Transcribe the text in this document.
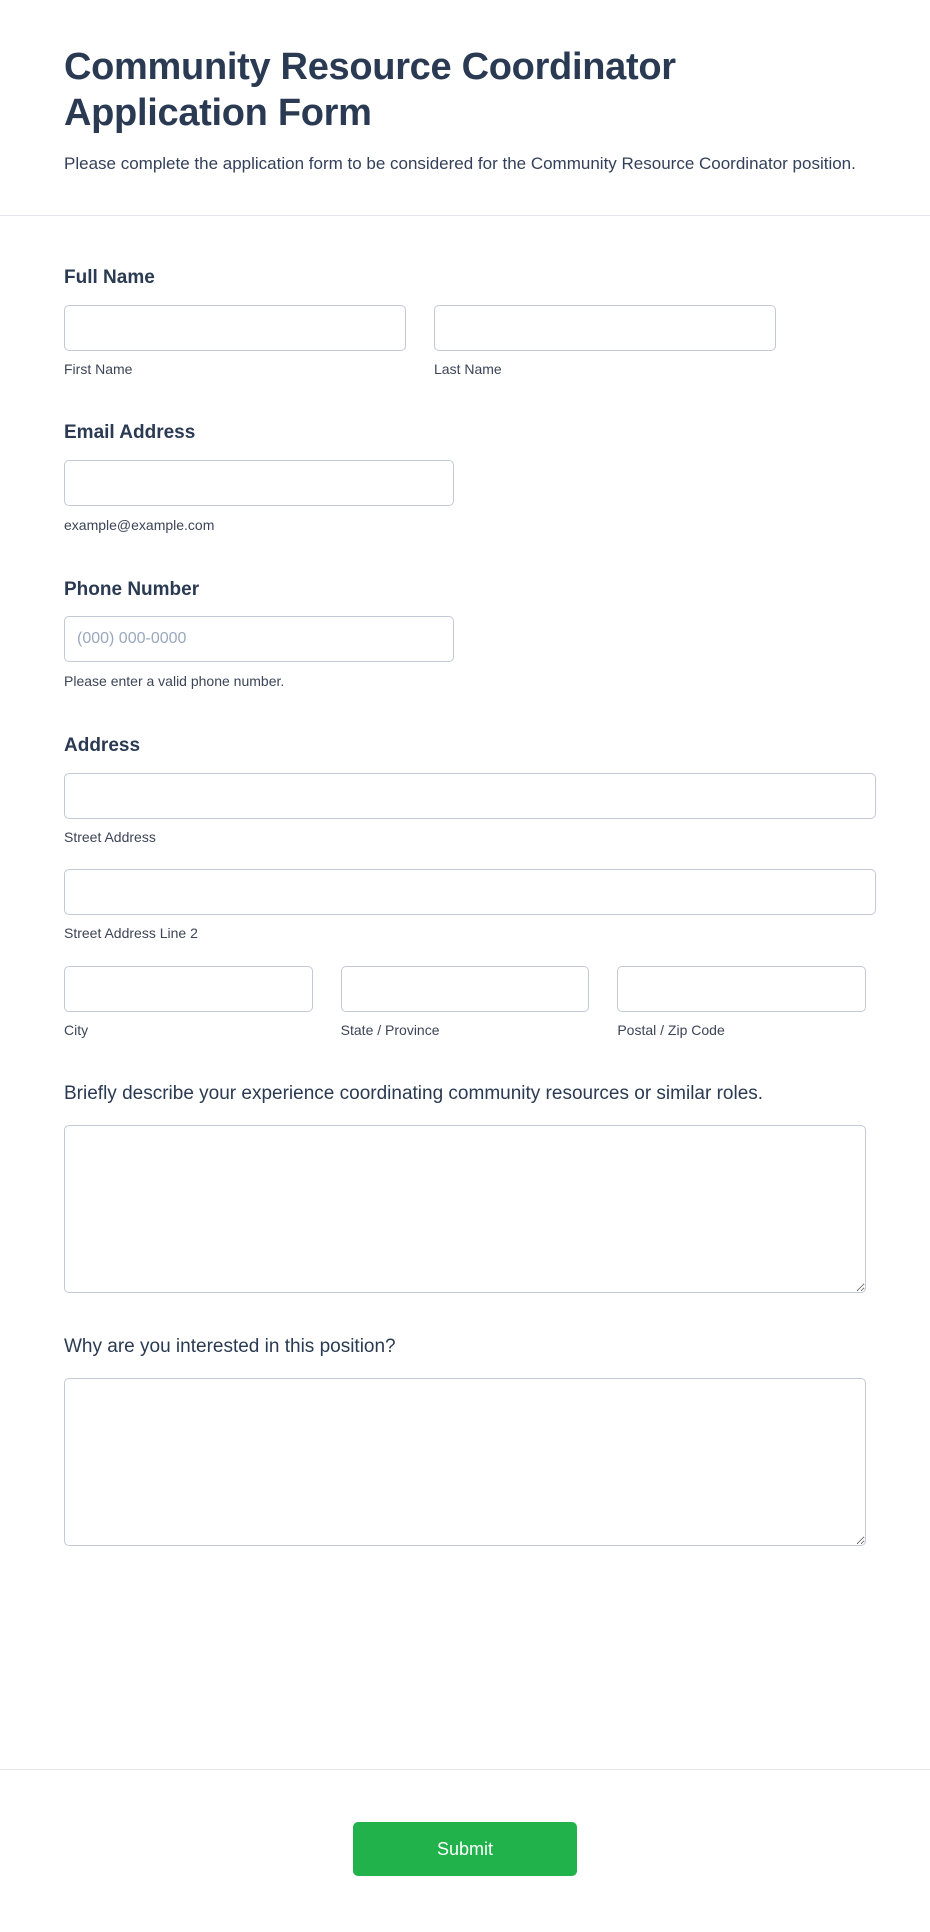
Community Resource Coordinator Application Form

Please complete the application form to be considered for the Community Resource Coordinator position.

Full Name
First Name	Last Name
Email Address
example@example.com
Phone Number
(000) 000-0000
Please enter a valid phone number.
Address
Street Address
Street Address Line 2
City	State / Province	Postal / Zip Code
Briefly describe your experience coordinating community resources or similar roles.
Why are you interested in this position?
Submit
